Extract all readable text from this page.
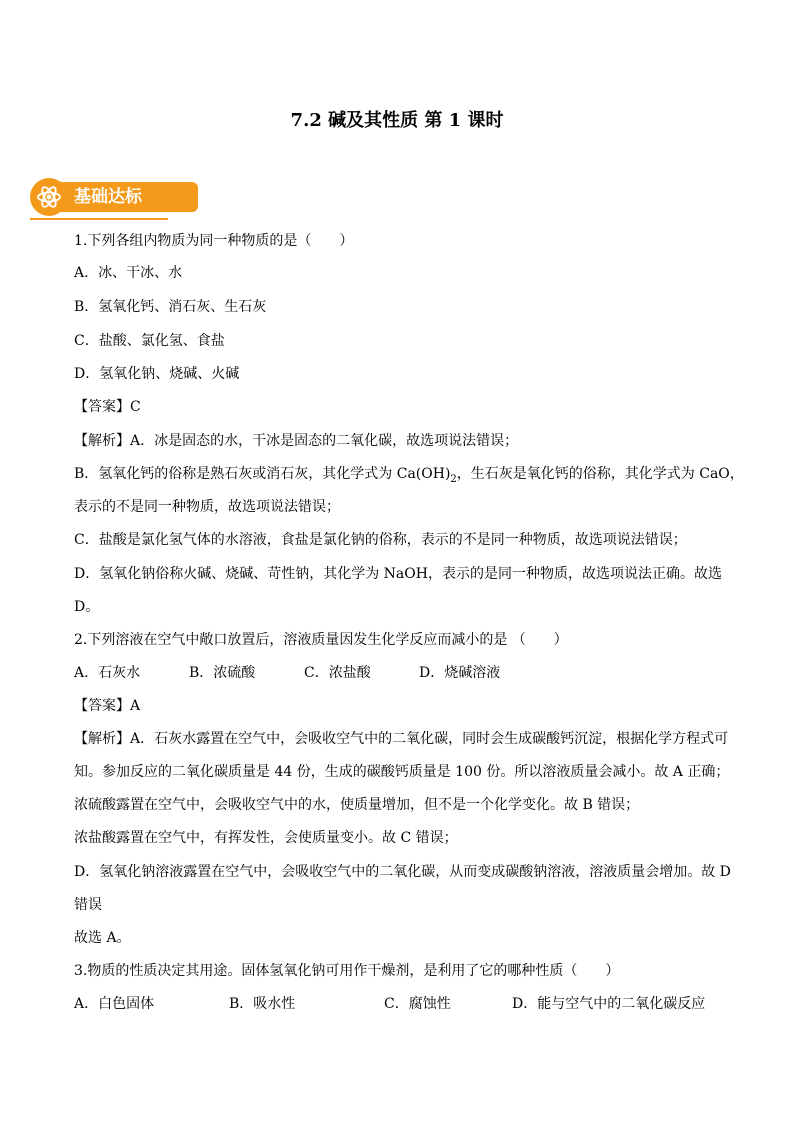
7.2 碱及其性质 第 1 课时
基础达标
1.下列各组内物质为同一种物质的是（　　）
A．冰、干冰、水
B．氢氧化钙、消石灰、生石灰
C．盐酸、氯化氢、食盐
D．氢氧化钠、烧碱、火碱
【答案】C
【解析】A．冰是固态的水，干冰是固态的二氧化碳，故选项说法错误；
B．氢氧化钙的俗称是熟石灰或消石灰，其化学式为 $Ca(OH)_2$，生石灰是氧化钙的俗称，其化学式为 CaO，
表示的不是同一种物质，故选项说法错误；
C．盐酸是氯化氢气体的水溶液，食盐是氯化钠的俗称，表示的不是同一种物质，故选项说法错误；
D．氢氧化钠俗称火碱、烧碱、苛性钠，其化学为 NaOH，表示的是同一种物质，故选项说法正确。故选
D。
2.下列溶液在空气中敞口放置后，溶液质量因发生化学反应而减小的是 （　　）
A．石灰水	B．浓硫酸	C．浓盐酸	D．烧碱溶液
【答案】A
【解析】A．石灰水露置在空气中，会吸收空气中的二氧化碳，同时会生成碳酸钙沉淀，根据化学方程式可
知。参加反应的二氧化碳质量是 44 份，生成的碳酸钙质量是 100 份。所以溶液质量会减小。故 A 正确；
浓硫酸露置在空气中，会吸收空气中的水，使质量增加，但不是一个化学变化。故 B 错误；
浓盐酸露置在空气中，有挥发性，会使质量变小。故 C 错误；
D．氢氧化钠溶液露置在空气中，会吸收空气中的二氧化碳，从而变成碳酸钠溶液，溶液质量会增加。故 D
错误
故选 A。
3.物质的性质决定其用途。固体氢氧化钠可用作干燥剂，是利用了它的哪种性质（　　）
A．白色固体	B．吸水性	C．腐蚀性	D．能与空气中的二氧化碳反应
